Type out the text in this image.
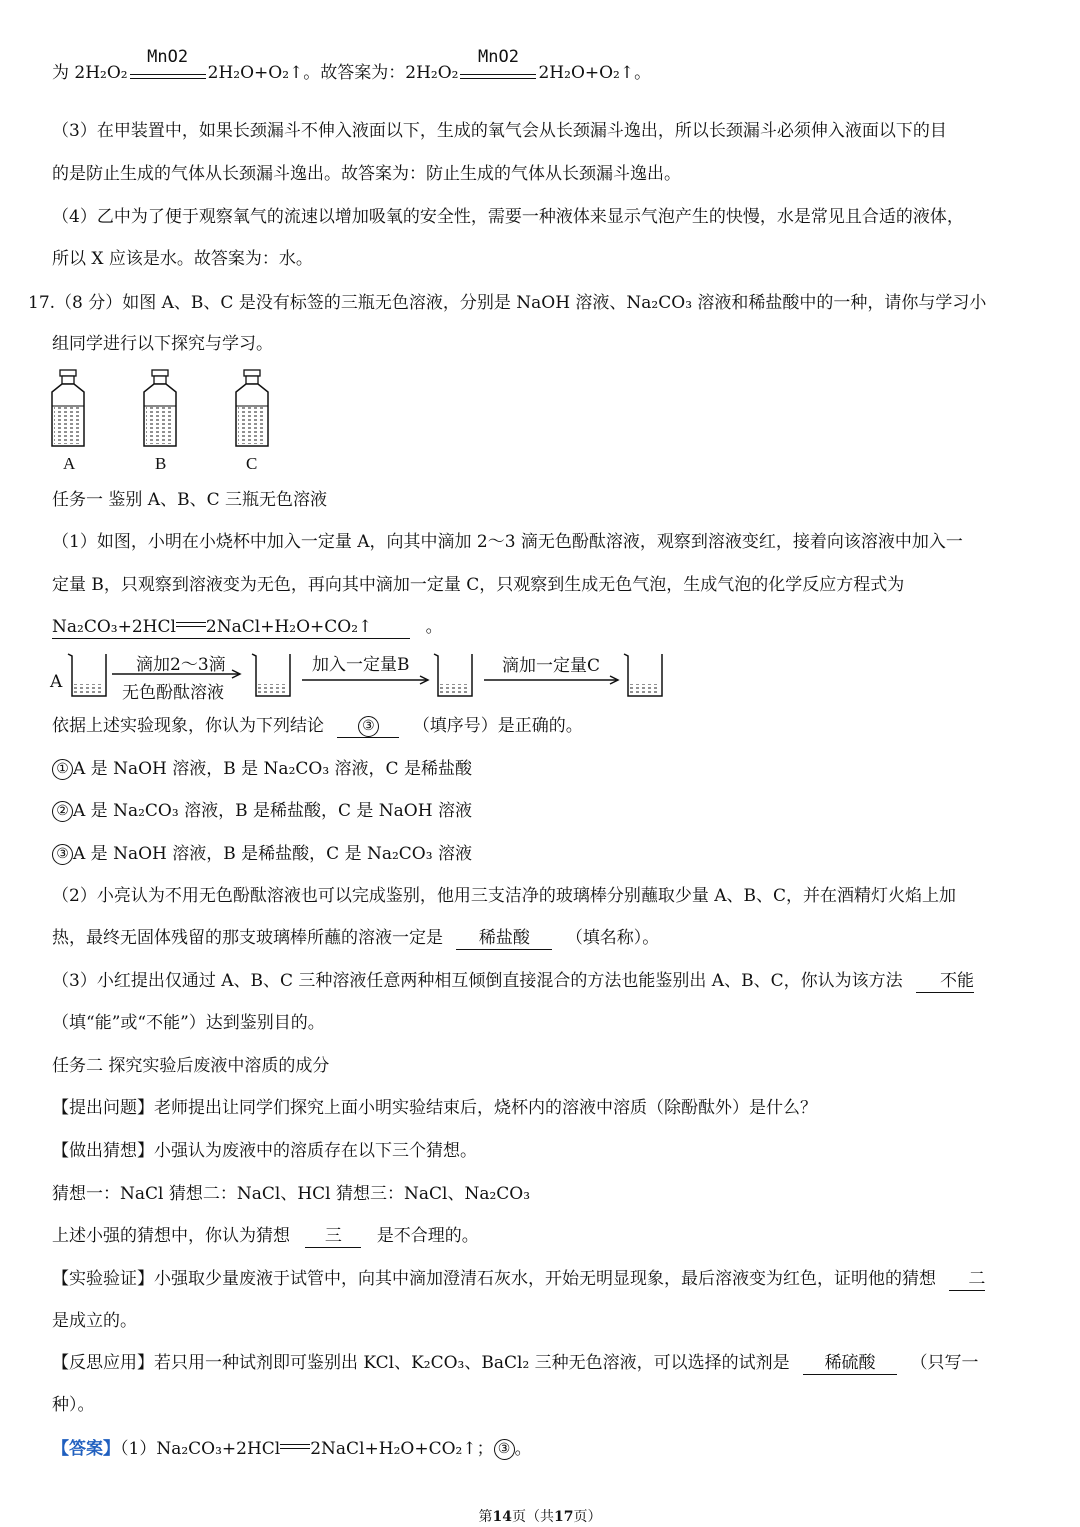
为 2H₂O₂
MnO2
2H₂O+O₂↑。故答案为：2H₂O₂
MnO2
2H₂O+O₂↑。
（3）在甲装置中，如果长颈漏斗不伸入液面以下，生成的氧气会从长颈漏斗逸出，所以长颈漏斗必须伸入液面以下的目
的是防止生成的气体从长颈漏斗逸出。故答案为：防止生成的气体从长颈漏斗逸出。
（4）乙中为了便于观察氧气的流速以增加吸氧的安全性，需要一种液体来显示气泡产生的快慢，水是常见且合适的液体，
所以 X 应该是水。故答案为：水。
17.（8 分）如图 A、B、C 是没有标签的三瓶无色溶液，分别是 NaOH 溶液、Na₂CO₃ 溶液和稀盐酸中的一种，请你与学习小
组同学进行以下探究与学习。
A	B	C
任务一 鉴别 A、B、C 三瓶无色溶液
（1）如图，小明在小烧杯中加入一定量 A，向其中滴加 2～3 滴无色酚酞溶液，观察到溶液变红，接着向该溶液中加入一
定量 B，只观察到溶液变为无色，再向其中滴加一定量 C，只观察到生成无色气泡，生成气泡的化学反应方程式为
Na₂CO₃+2HCl 2NaCl+H₂O+CO₂↑	。
A
滴加2～3滴
无色酚酞溶液
加入一定量B	滴加一定量C
依据上述实验现象，你认为下列结论	③ （填序号）是正确的。
① A 是 NaOH 溶液，B 是 Na₂CO₃ 溶液，C 是稀盐酸
② A 是 Na₂CO₃ 溶液，B 是稀盐酸，C 是 NaOH 溶液
③ A 是 NaOH 溶液，B 是稀盐酸，C 是 Na₂CO₃ 溶液
（2）小亮认为不用无色酚酞溶液也可以完成鉴别，他用三支洁净的玻璃棒分别蘸取少量 A、B、C，并在酒精灯火焰上加
热，最终无固体残留的那支玻璃棒所蘸的溶液一定是 稀盐酸 （填名称）。
（3）小红提出仅通过 A、B、C 三种溶液任意两种相互倾倒直接混合的方法也能鉴别出 A、B、C，你认为该方法 不能
（填“能”或“不能”）达到鉴别目的。
任务二 探究实验后废液中溶质的成分
【提出问题】老师提出让同学们探究上面小明实验结束后，烧杯内的溶液中溶质（除酚酞外）是什么？
【做出猜想】小强认为废液中的溶质存在以下三个猜想。
猜想一：NaCl 猜想二：NaCl、HCl 猜想三：NaCl、Na₂CO₃
上述小强的猜想中，你认为猜想 三 是不合理的。
【实验验证】小强取少量废液于试管中，向其中滴加澄清石灰水，开始无明显现象，最后溶液变为红色，证明他的猜想 二
是成立的。
【反思应用】若只用一种试剂即可鉴别出 KCl、K₂CO₃、BaCl₂ 三种无色溶液，可以选择的试剂是 稀硫酸 （只写一
种）。
【答案】（1）Na₂CO₃+2HCl 2NaCl+H₂O+CO₂↑； ③ 。
第14页（共17页）
